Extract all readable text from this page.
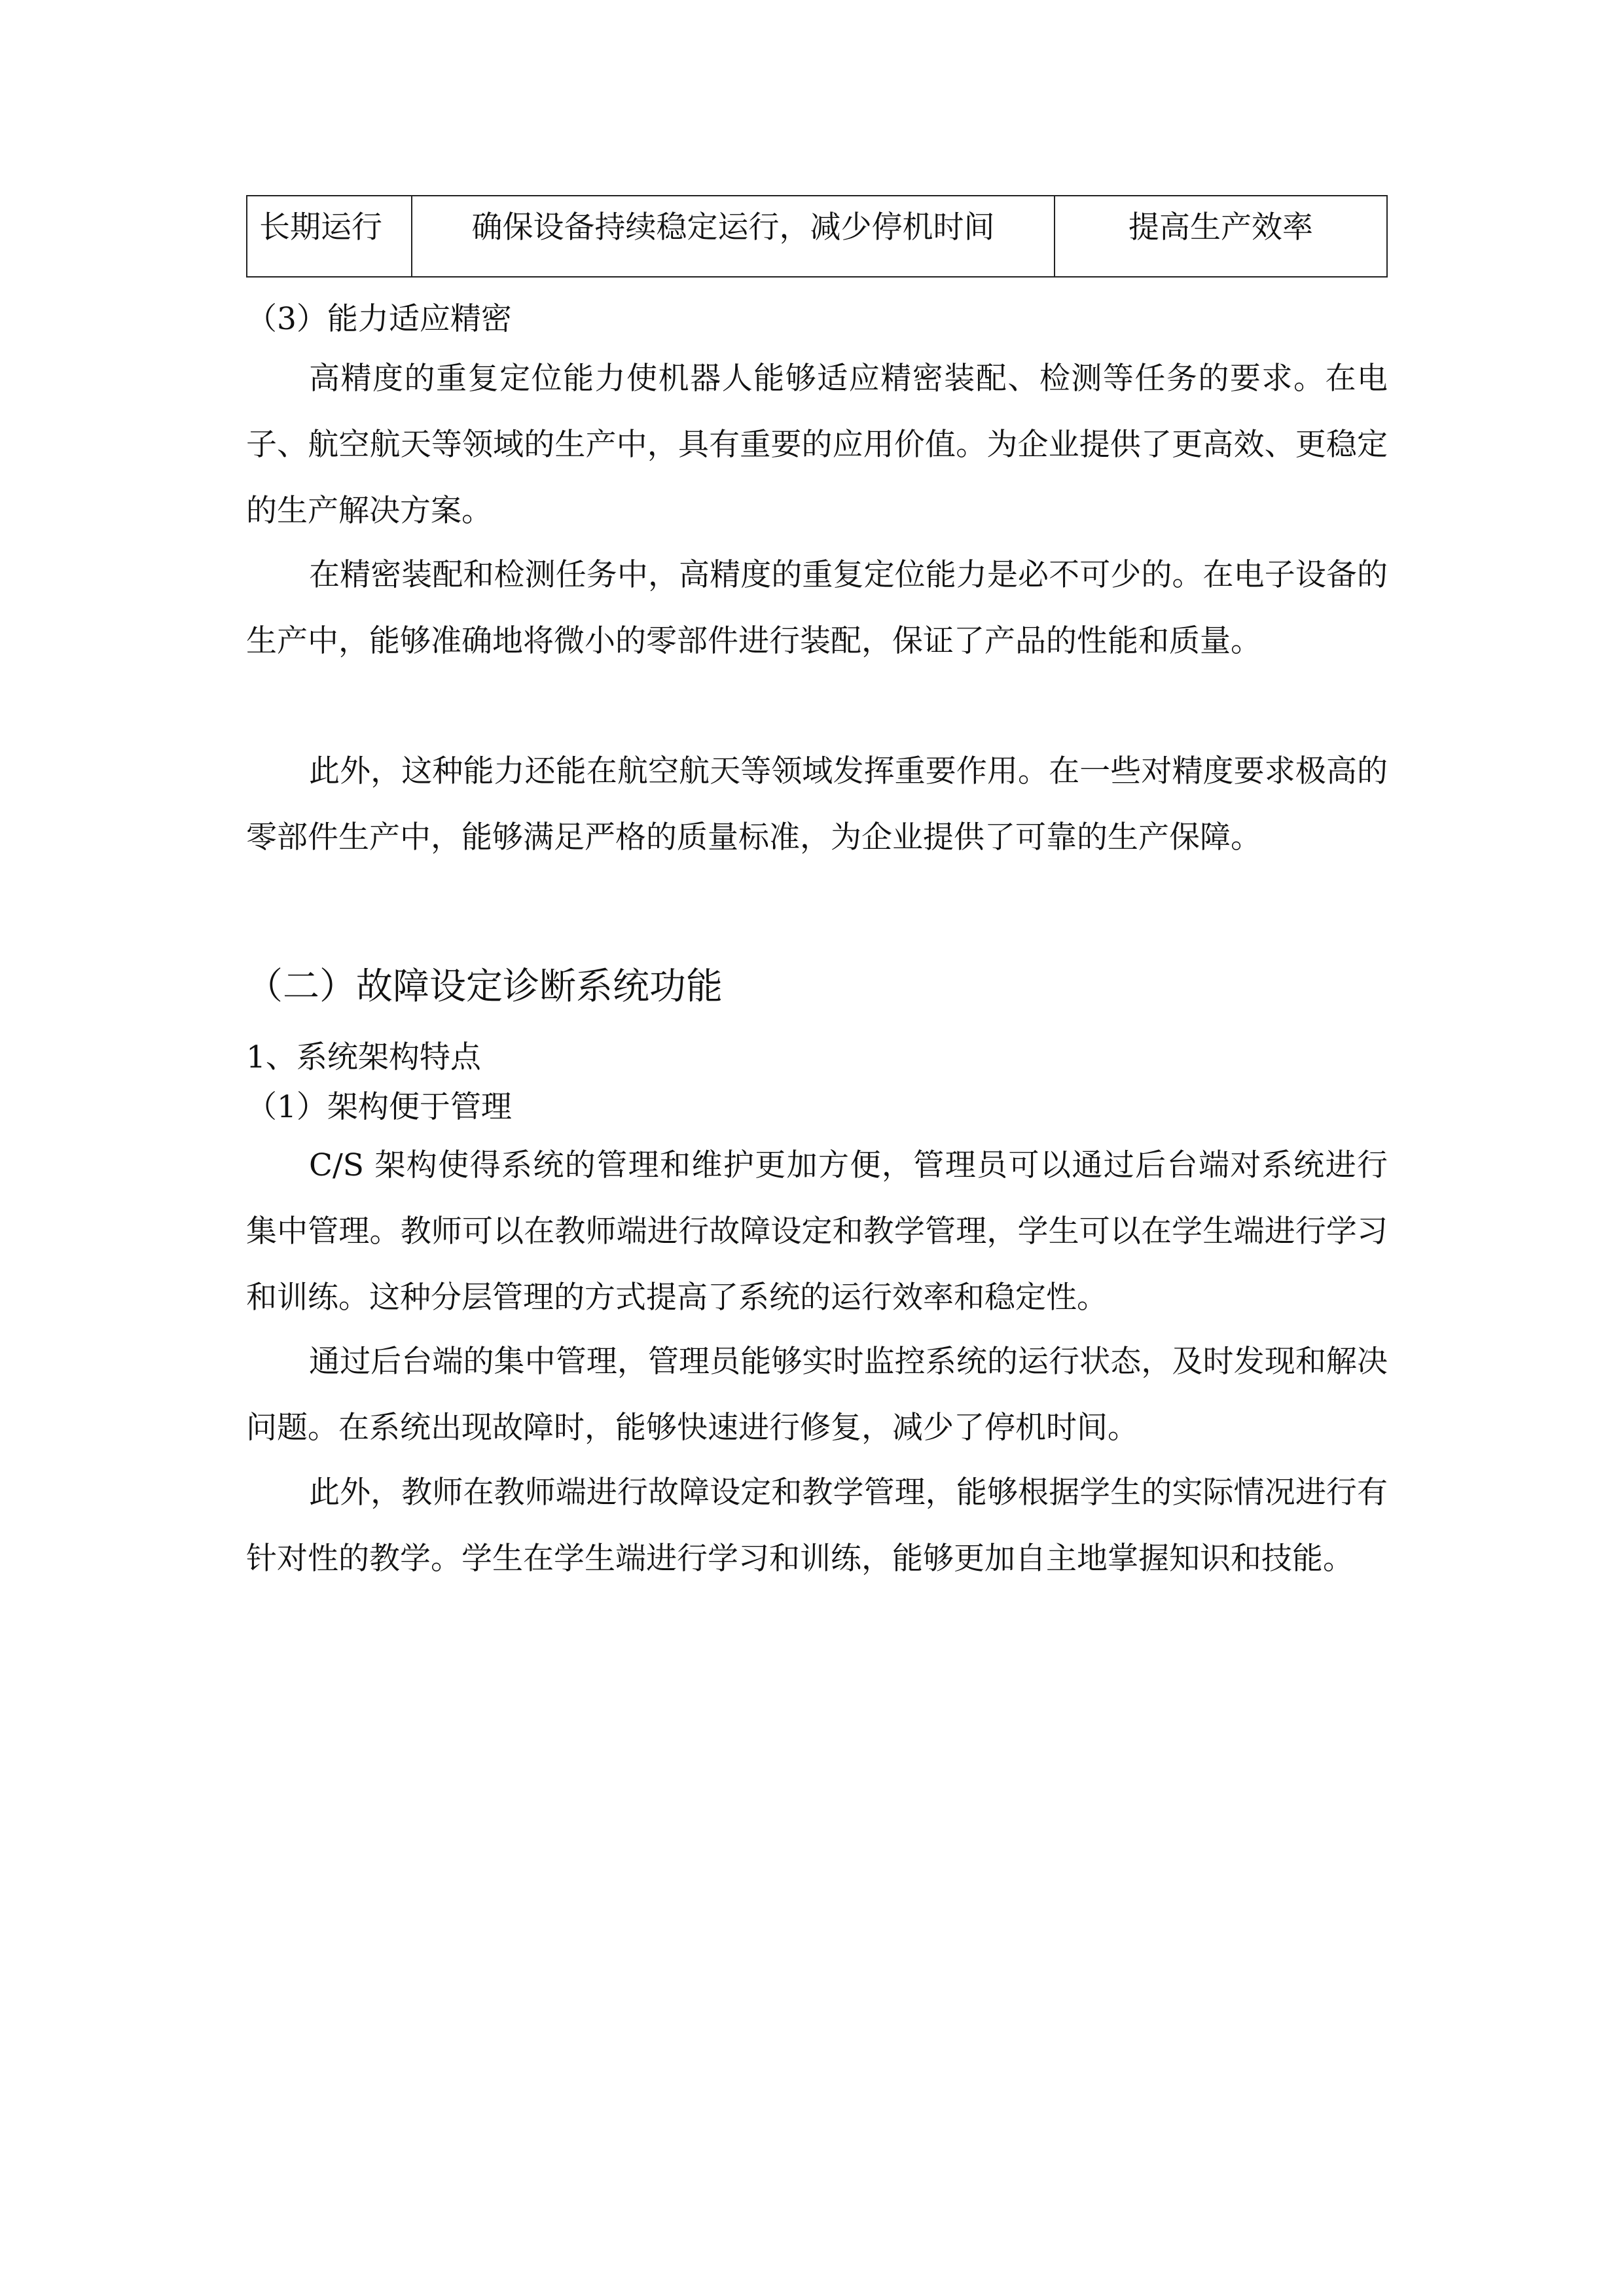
长期运行	确保设备持续稳定运行，减少停机时间	提高生产效率
（3）能力适应精密

高精度的重复定位能力使机器人能够适应精密装配、检测等任务的要求。在电子、航空航天等领域的生产中，具有重要的应用价值。为企业提供了更高效、更稳定的生产解决方案。

在精密装配和检测任务中，高精度的重复定位能力是必不可少的。在电子设备的生产中，能够准确地将微小的零部件进行装配，保证了产品的性能和质量。

此外，这种能力还能在航空航天等领域发挥重要作用。在一些对精度要求极高的零部件生产中，能够满足严格的质量标准，为企业提供了可靠的生产保障。

（二）故障设定诊断系统功能
1、系统架构特点
（1）架构便于管理

C/S 架构使得系统的管理和维护更加方便，管理员可以通过后台端对系统进行集中管理。教师可以在教师端进行故障设定和教学管理，学生可以在学生端进行学习和训练。这种分层管理的方式提高了系统的运行效率和稳定性。

通过后台端的集中管理，管理员能够实时监控系统的运行状态，及时发现和解决问题。在系统出现故障时，能够快速进行修复，减少了停机时间。

此外，教师在教师端进行故障设定和教学管理，能够根据学生的实际情况进行有针对性的教学。学生在学生端进行学习和训练，能够更加自主地掌握知识和技能。
